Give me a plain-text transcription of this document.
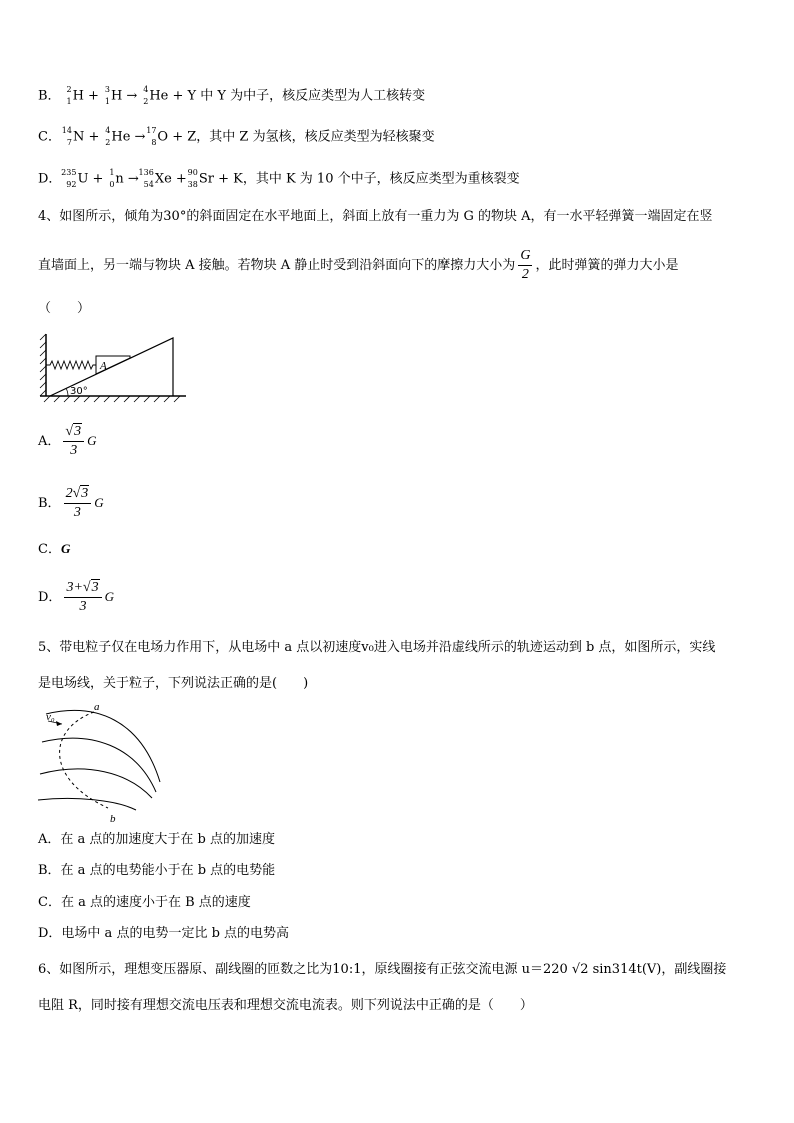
B． 2
1 H + 3
1 H → 4
2 He + Y 中 Y 为中子，核反应类型为人工核转变
C． 14
7 N + 4
2 He → 17
8 O + Z，其中 Z 为氢核，核反应类型为轻核聚变
D． 235
92 U + 1
0 n → 136
54 Xe + 90
38 Sr + K，其中 K 为 10 个中子，核反应类型为重核裂变
4、如图所示，倾角为30°的斜面固定在水平地面上，斜面上放有一重力为 G 的物块 A，有一水平轻弹簧一端固定在竖
直墙面上，另一端与物块 A 接触。若物块 A 静止时受到沿斜面向下的摩擦力大小为 $\frac{G}{2}$ ，此时弹簧的弹力大小是
（　　）
A
30°
A． $\frac{√3}{3}$ G
B． $\frac{2√3}{3}$ G
C．G
D． $\frac{3+√3}{3}$ G
5、带电粒子仅在电场力作用下，从电场中 a 点以初速度v₀进入电场并沿虚线所示的轨迹运动到 b 点，如图所示，实线
是电场线，关于粒子，下列说法正确的是(　　)
v₀
a
b
A．在 a 点的加速度大于在 b 点的加速度
B．在 a 点的电势能小于在 b 点的电势能
C．在 a 点的速度小于在 B 点的速度
D．电场中 a 点的电势一定比 b 点的电势高
6、如图所示，理想变压器原、副线圈的匝数之比为10:1，原线圈接有正弦交流电源 u＝220 √2 sin314t(V)，副线圈接
电阻 R，同时接有理想交流电压表和理想交流电流表。则下列说法中正确的是（　　）
